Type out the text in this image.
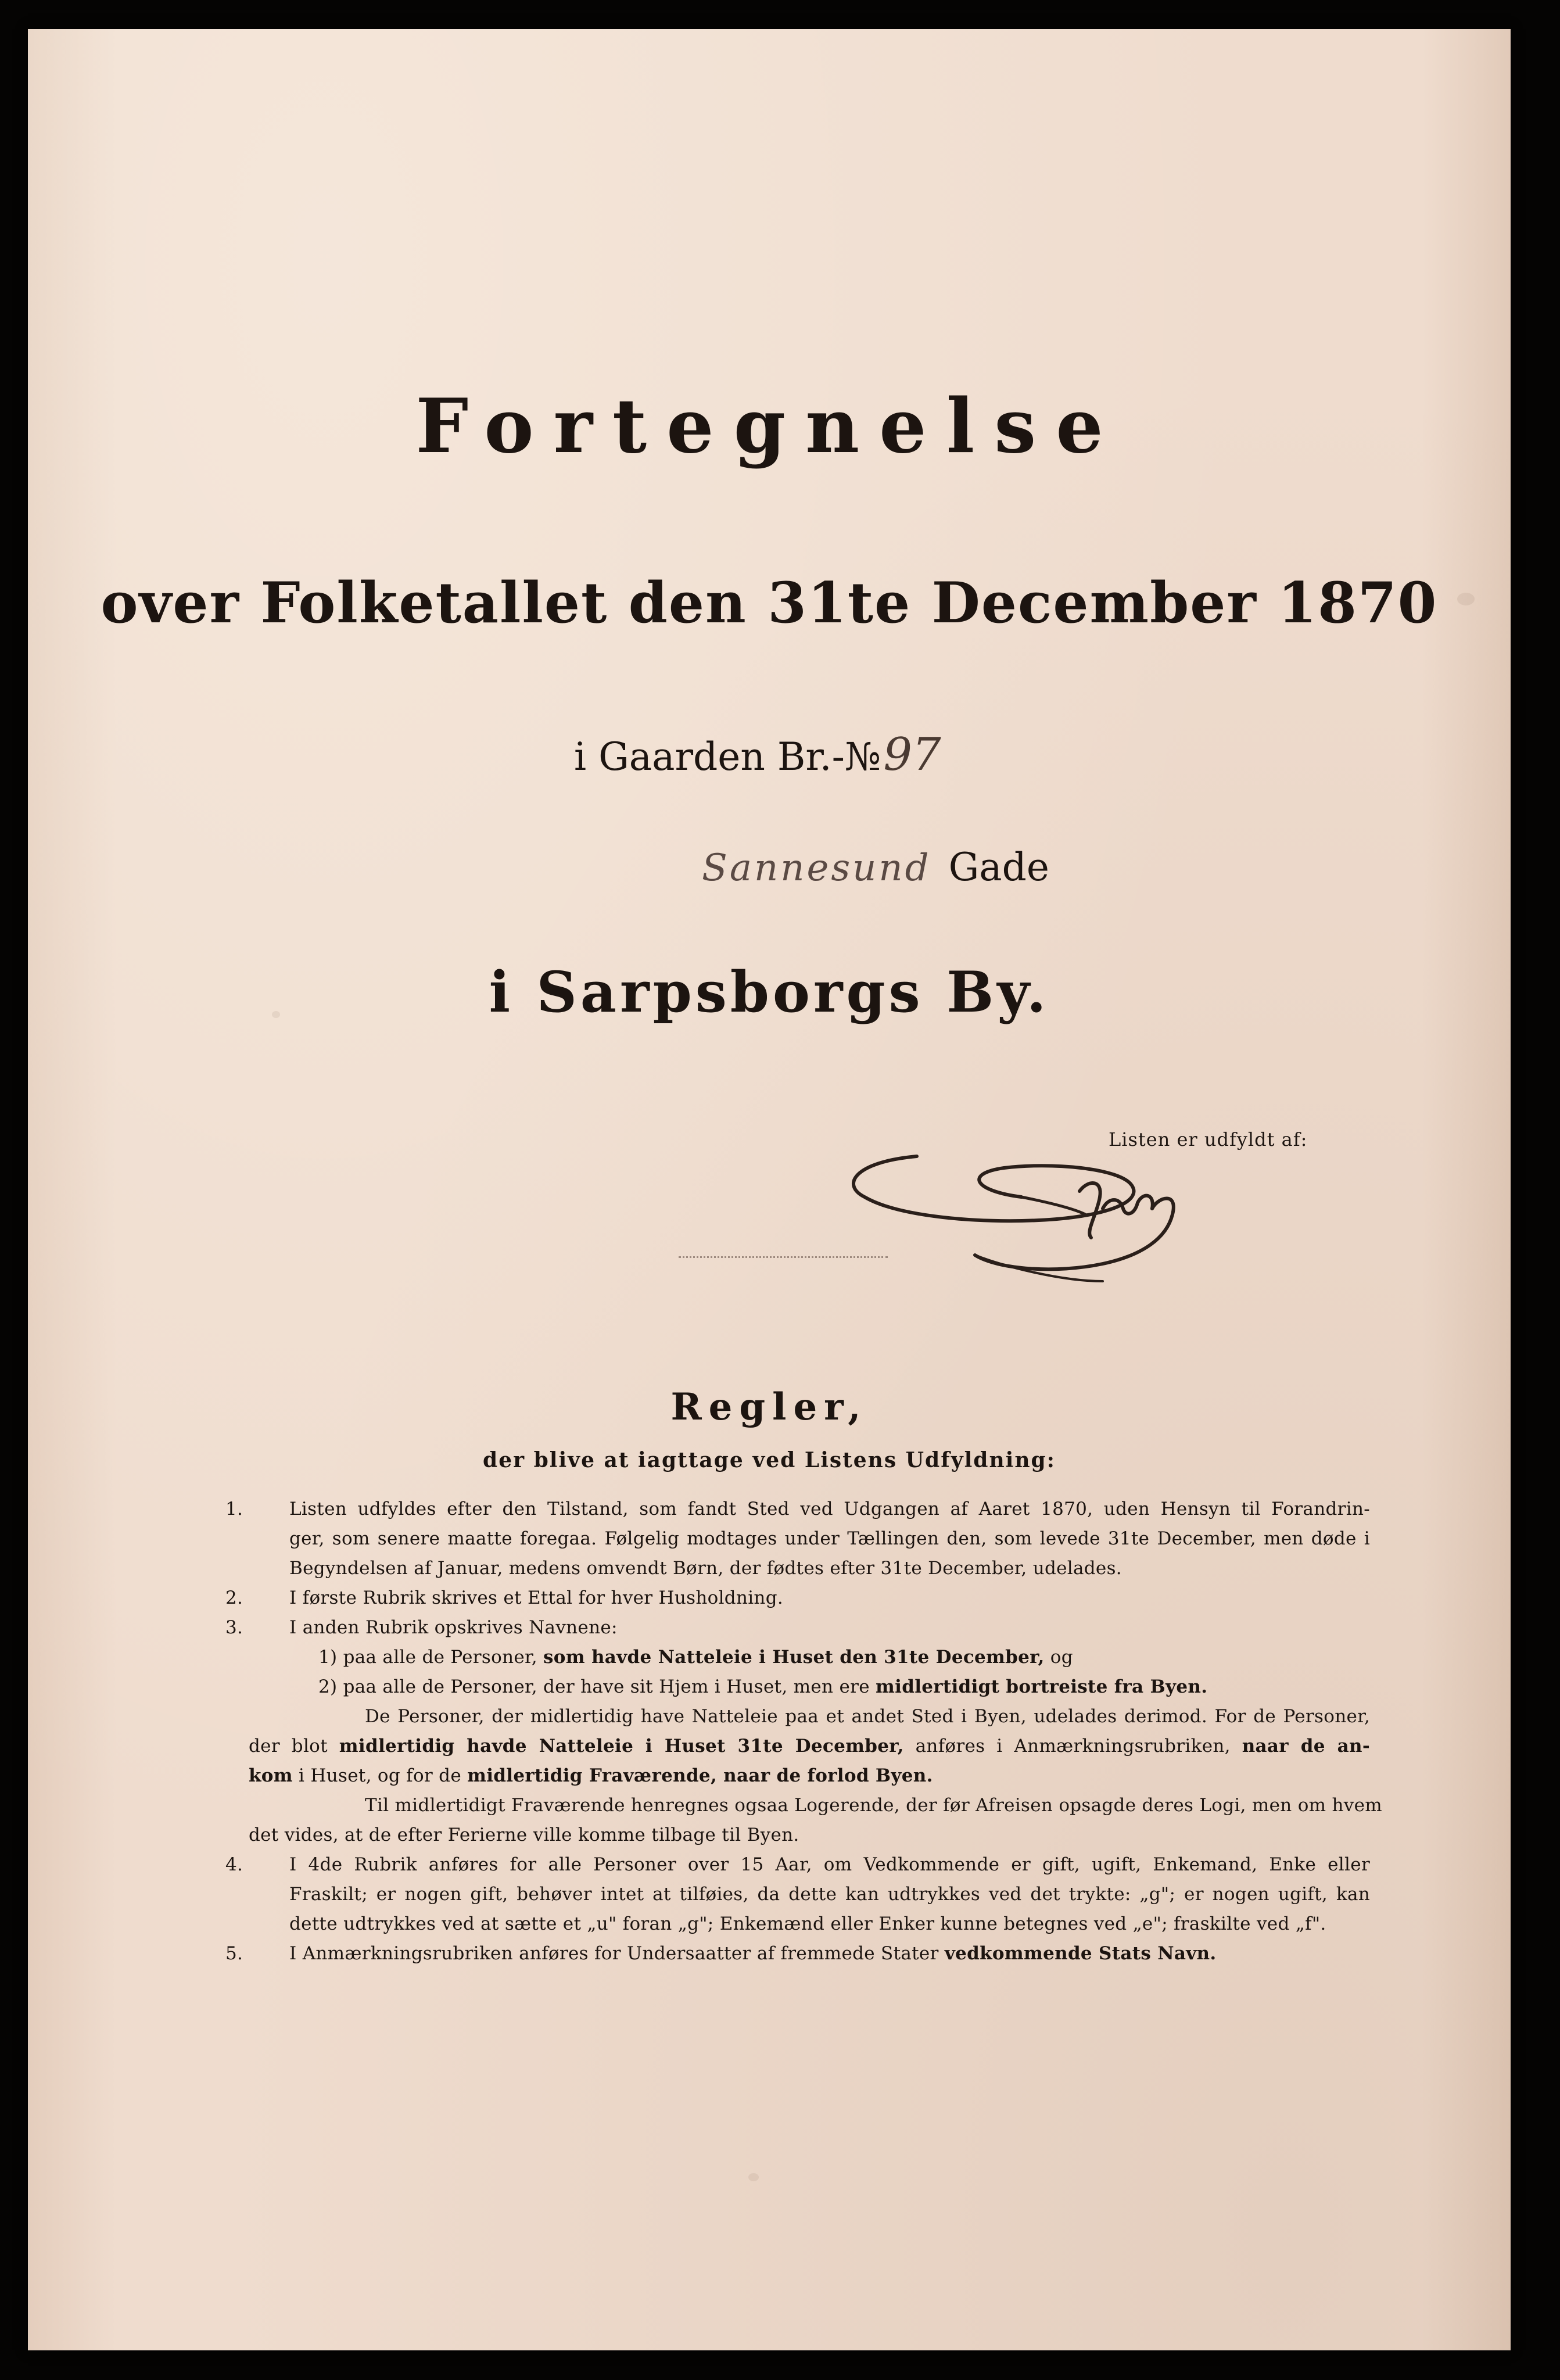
Fortegnelse
over Folketallet den 31te December 1870
i Gaarden Br.-№97
Sannesund Gade
i Sarpsborgs By.
Listen er udfyldt af:
Regler,
der blive at iagttage ved Listens Udfyldning:
1.	Listen udfyldes efter den Tilstand, som fandt Sted ved Udgangen af Aaret 1870, uden Hensyn til Forandrin-
ger, som senere maatte foregaa. Følgelig modtages under Tællingen den, som levede 31te December, men døde i
Begyndelsen af Januar, medens omvendt Børn, der fødtes efter 31te December, udelades.
2.	I første Rubrik skrives et Ettal for hver Husholdning.
3.	I anden Rubrik opskrives Navnene:
1) paa alle de Personer, som havde Natteleie i Huset den 31te December, og
2) paa alle de Personer, der have sit Hjem i Huset, men ere midlertidigt bortreiste fra Byen.
De Personer, der midlertidig have Natteleie paa et andet Sted i Byen, udelades derimod. For de Personer,
der blot midlertidig havde Natteleie i Huset 31te December, anføres i Anmærkningsrubriken, naar de an-
kom i Huset, og for de midlertidig Fraværende, naar de forlod Byen.
Til midlertidigt Fraværende henregnes ogsaa Logerende, der før Afreisen opsagde deres Logi, men om hvem
det vides, at de efter Ferierne ville komme tilbage til Byen.
4.	I 4de Rubrik anføres for alle Personer over 15 Aar, om Vedkommende er gift, ugift, Enkemand, Enke eller
Fraskilt; er nogen gift, behøver intet at tilføies, da dette kan udtrykkes ved det trykte: „g"; er nogen ugift, kan
dette udtrykkes ved at sætte et „u" foran „g"; Enkemænd eller Enker kunne betegnes ved „e"; fraskilte ved „f".
5.	I Anmærkningsrubriken anføres for Undersaatter af fremmede Stater vedkommende Stats Navn.
